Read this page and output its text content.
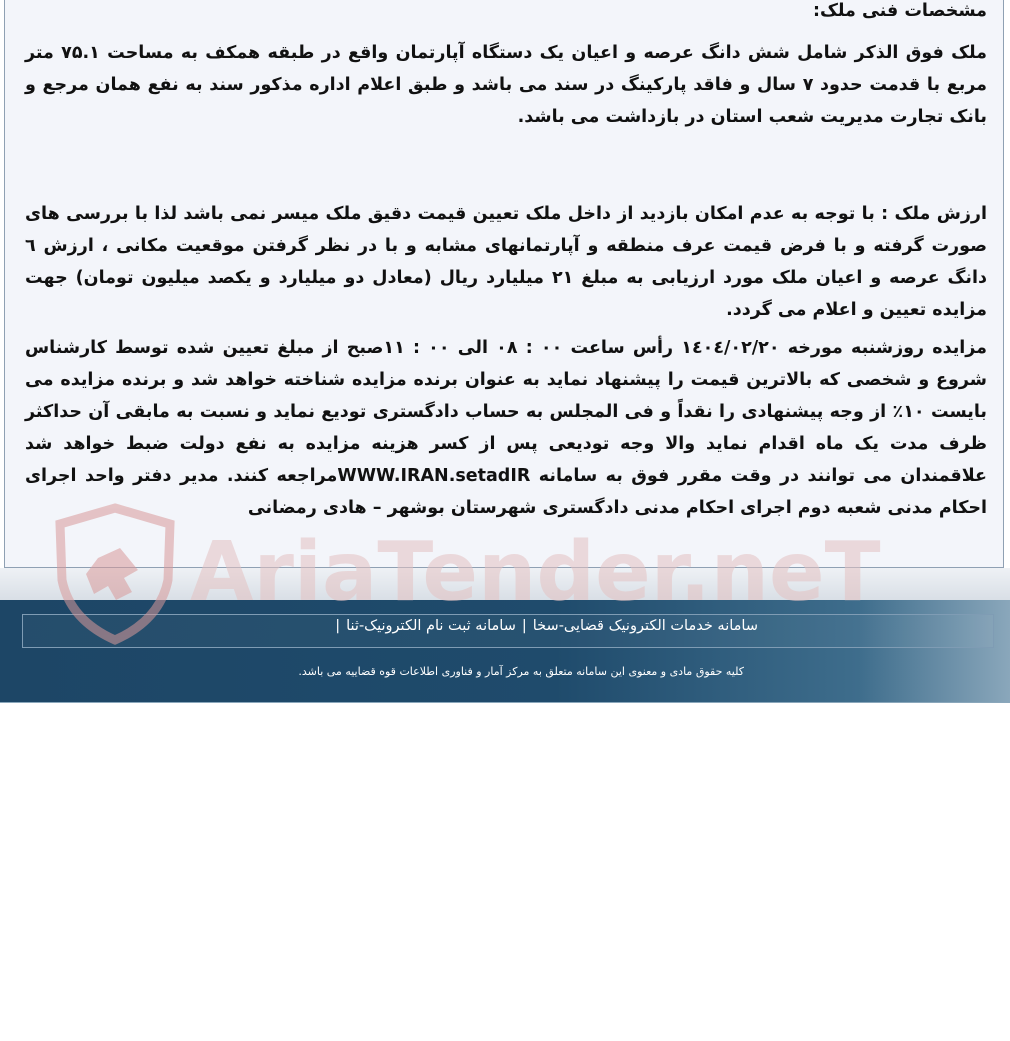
AriaTender.neT

مشخصات فنی ملک:

ملک فوق الذکر شامل شش دانگ عرصه و اعیان یک دستگاه آپارتمان واقع در طبقه همکف به مساحت ۷۵.۱ متر مربع با قدمت حدود ۷ سال و فاقد پارکینگ در سند می باشد و طبق اعلام اداره مذکور سند به نفع همان مرجع و بانک تجارت مدیریت شعب استان در بازداشت می باشد.

ارزش ملک : با توجه به عدم امکان بازدید از داخل ملک تعیین قیمت دقیق ملک میسر نمی باشد لذا با بررسی های صورت گرفته و با فرض قیمت عرف منطقه و آپارتمانهای مشابه و با در نظر گرفتن موقعیت مکانی ، ارزش ٦ دانگ عرصه و اعیان ملک مورد ارزیابی به مبلغ ۲۱ میلیارد ریال (معادل دو میلیارد و یکصد میلیون تومان) جهت مزایده تعیین و اعلام می گردد.

مزایده روزشنبه مورخه ۱٤۰٤/۰۲/۲۰ رأس ساعت ۰۰ : ۰۸ الی ۰۰ : ۱۱صبح از مبلغ تعیین شده توسط کارشناس شروع و شخصی که بالاترین قیمت را پیشنهاد نماید به عنوان برنده مزایده شناخته خواهد شد و برنده مزایده می بایست ۱۰٪ از وجه پیشنهادی را نقداً و فی المجلس به حساب دادگستری توديع نماید و نسبت به مابقی آن حداکثر ظرف مدت یک ماه اقدام نماید والا وجه توديعی پس از کسر هزینه مزایده به نفع دولت ضبط خواهد شد علاقمندان می توانند در وقت مقرر فوق به سامانه WWW.IRAN.setadIRمراجعه کنند. مدیر دفتر واحد اجرای احکام مدنی شعبه دوم اجرای احکام مدنی دادگستری شهرستان بوشهر – هادی رمضانی

سامانه خدمات الکترونیک قضایی-سخا|سامانه ثبت نام الکترونیک-ثنا|
کلیه حقوق مادی و معنوی این سامانه متعلق به مرکز آمار و فناوری اطلاعات قوه قضاییه می باشد.
